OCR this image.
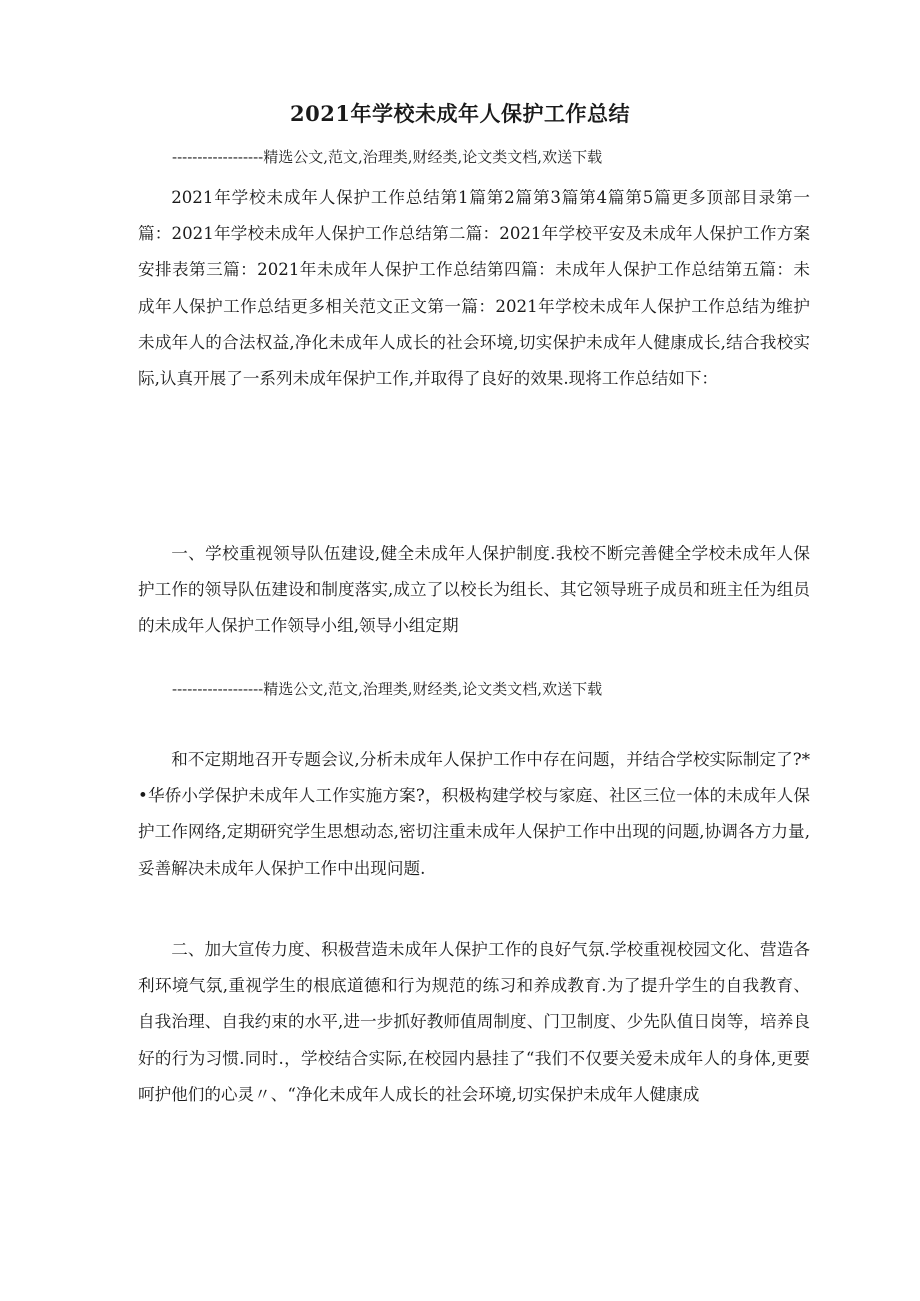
2021年学校未成年人保护工作总结
------------------精选公文,范文,治理类,财经类,论文类文档,欢送下载

2021年学校未成年人保护工作总结第1篇第2篇第3篇第4篇第5篇更多顶部目录第一篇：2021年学校未成年人保护工作总结第二篇：2021年学校平安及未成年人保护工作方案安排表第三篇：2021年未成年人保护工作总结第四篇：未成年人保护工作总结第五篇：未成年人保护工作总结更多相关范文正文第一篇：2021年学校未成年人保护工作总结为维护未成年人的合法权益,净化未成年人成长的社会环境,切实保护未成年人健康成长,结合我校实际,认真开展了一系列未成年保护工作,并取得了良好的效果.现将工作总结如下：

一、学校重视领导队伍建设,健全未成年人保护制度.我校不断完善健全学校未成年人保护工作的领导队伍建设和制度落实,成立了以校长为组长、其它领导班子成员和班主任为组员的未成年人保护工作领导小组,领导小组定期

------------------精选公文,范文,治理类,财经类,论文类文档,欢送下载

和不定期地召开专题会议,分析未成年人保护工作中存在问题，并结合学校实际制定了?*•华侨小学保护未成年人工作实施方案?，积极构建学校与家庭、社区三位一体的未成年人保护工作网络,定期研究学生思想动态,密切注重未成年人保护工作中出现的问题,协调各方力量,妥善解决未成年人保护工作中出现问题.

二、加大宣传力度、积极营造未成年人保护工作的良好气氛.学校重视校园文化、营造各利环境气氛,重视学生的根底道德和行为规范的练习和养成教育.为了提升学生的自我教育、自我治理、自我约束的水平,进一步抓好教师值周制度、门卫制度、少先队值日岗等，培养良好的行为习惯.同时.，学校结合实际,在校园内悬挂了“我们不仅要关爱未成年人的身体,更要呵护他们的心灵〃、“净化未成年人成长的社会环境,切实保护未成年人健康成
